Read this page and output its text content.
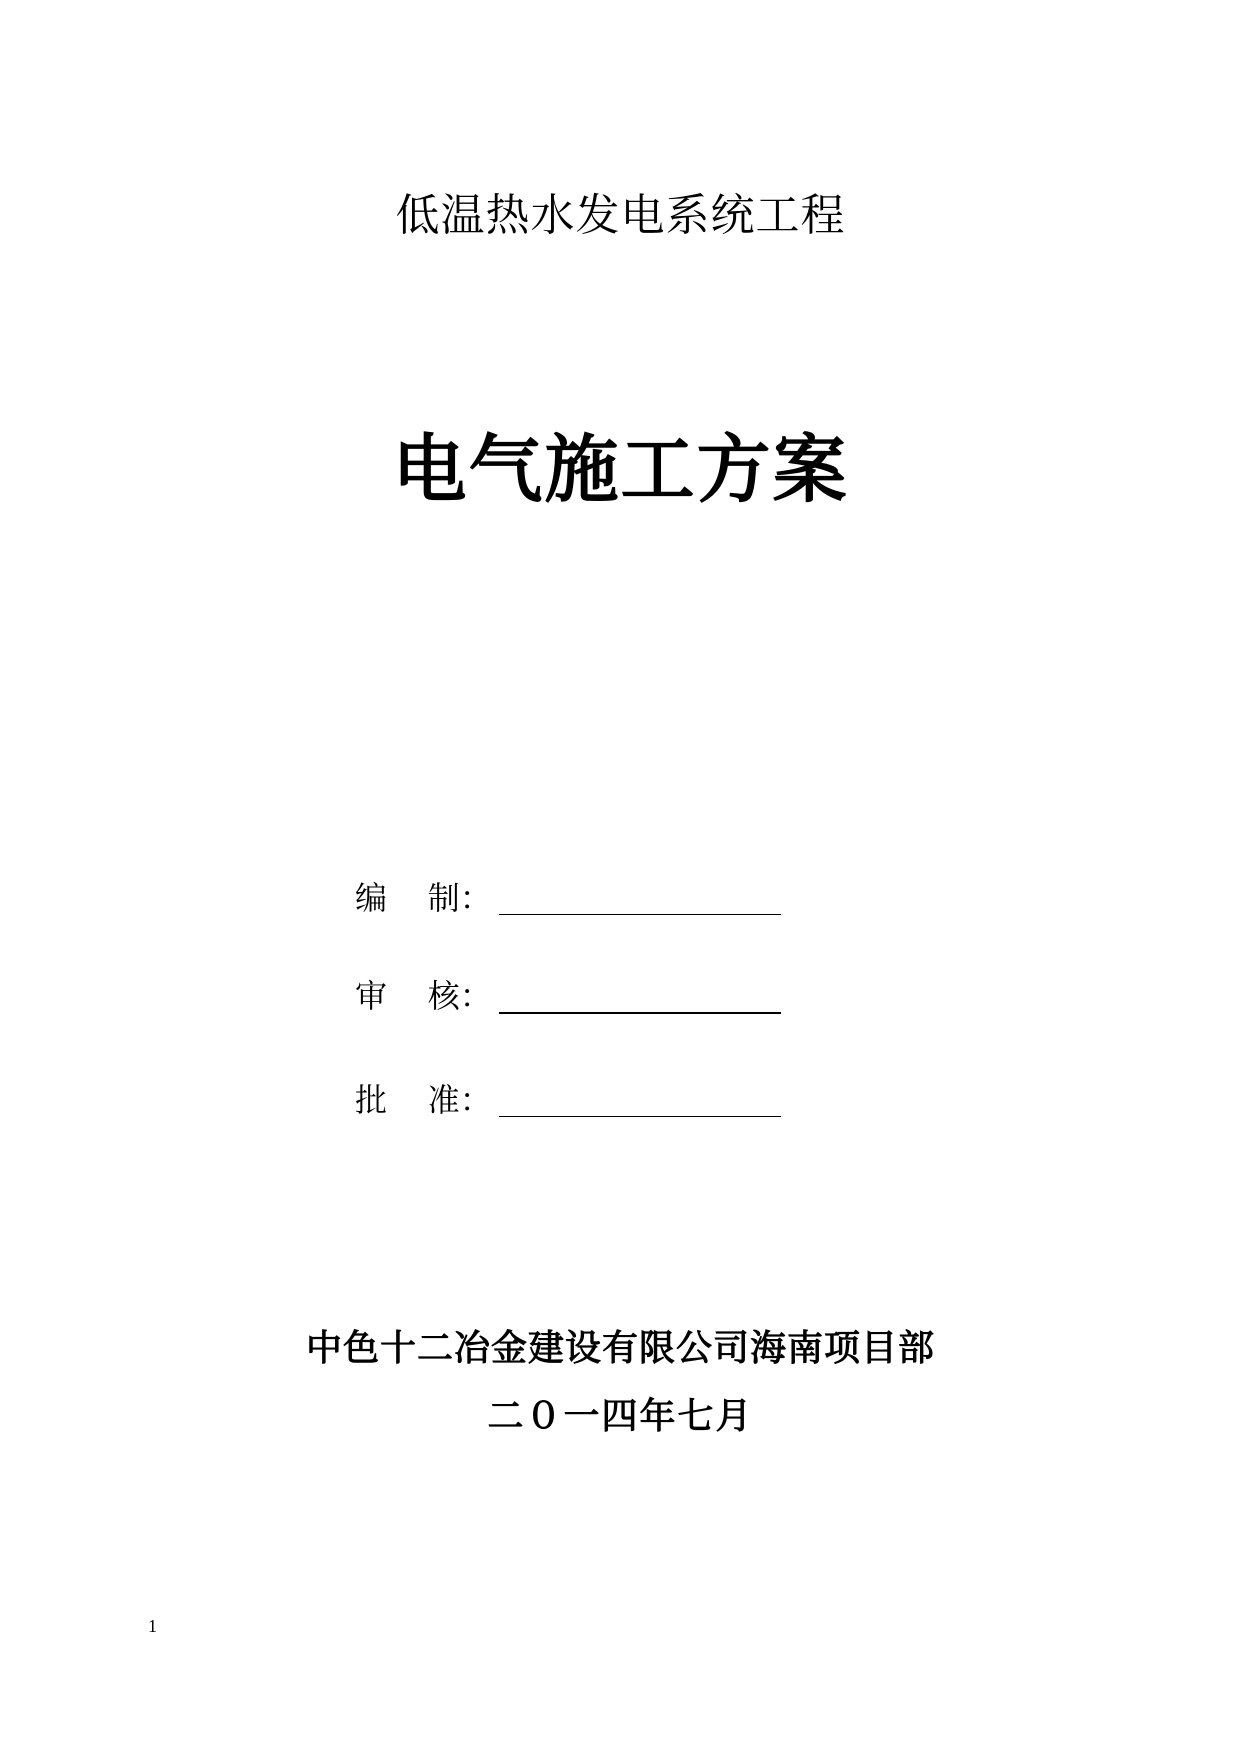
低温热水发电系统工程
电气施工方案
编    制：
审    核：
批    准：
中色十二冶金建设有限公司海南项目部
二０一四年七月
1
